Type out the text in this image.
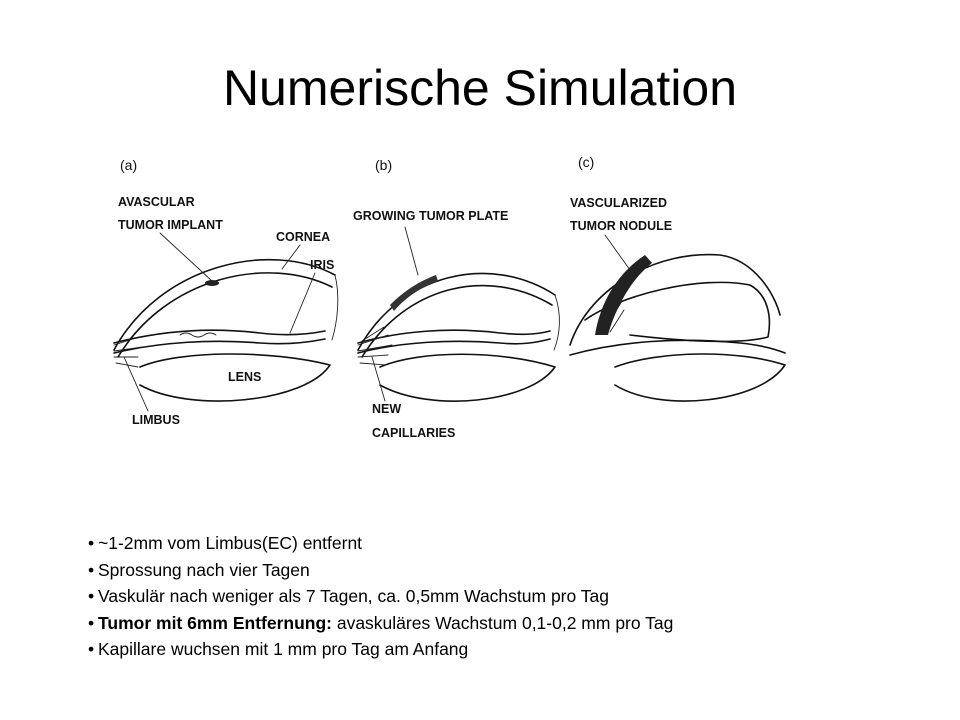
Numerische Simulation
(a)
AVASCULAR
TUMOR IMPLANT
CORNEA
IRIS
LENS
LIMBUS
(b)
GROWING TUMOR PLATE
NEW
CAPILLARIES
(c)
VASCULARIZED
TUMOR NODULE
• ~1-2mm vom Limbus(EC) entfernt
• Sprossung nach vier Tagen
• Vaskulär nach weniger als 7 Tagen, ca. 0,5mm Wachstum pro Tag
• Tumor mit 6mm Entfernung: avaskuläres Wachstum 0,1-0,2 mm pro Tag
• Kapillare wuchsen mit 1 mm pro Tag am Anfang
